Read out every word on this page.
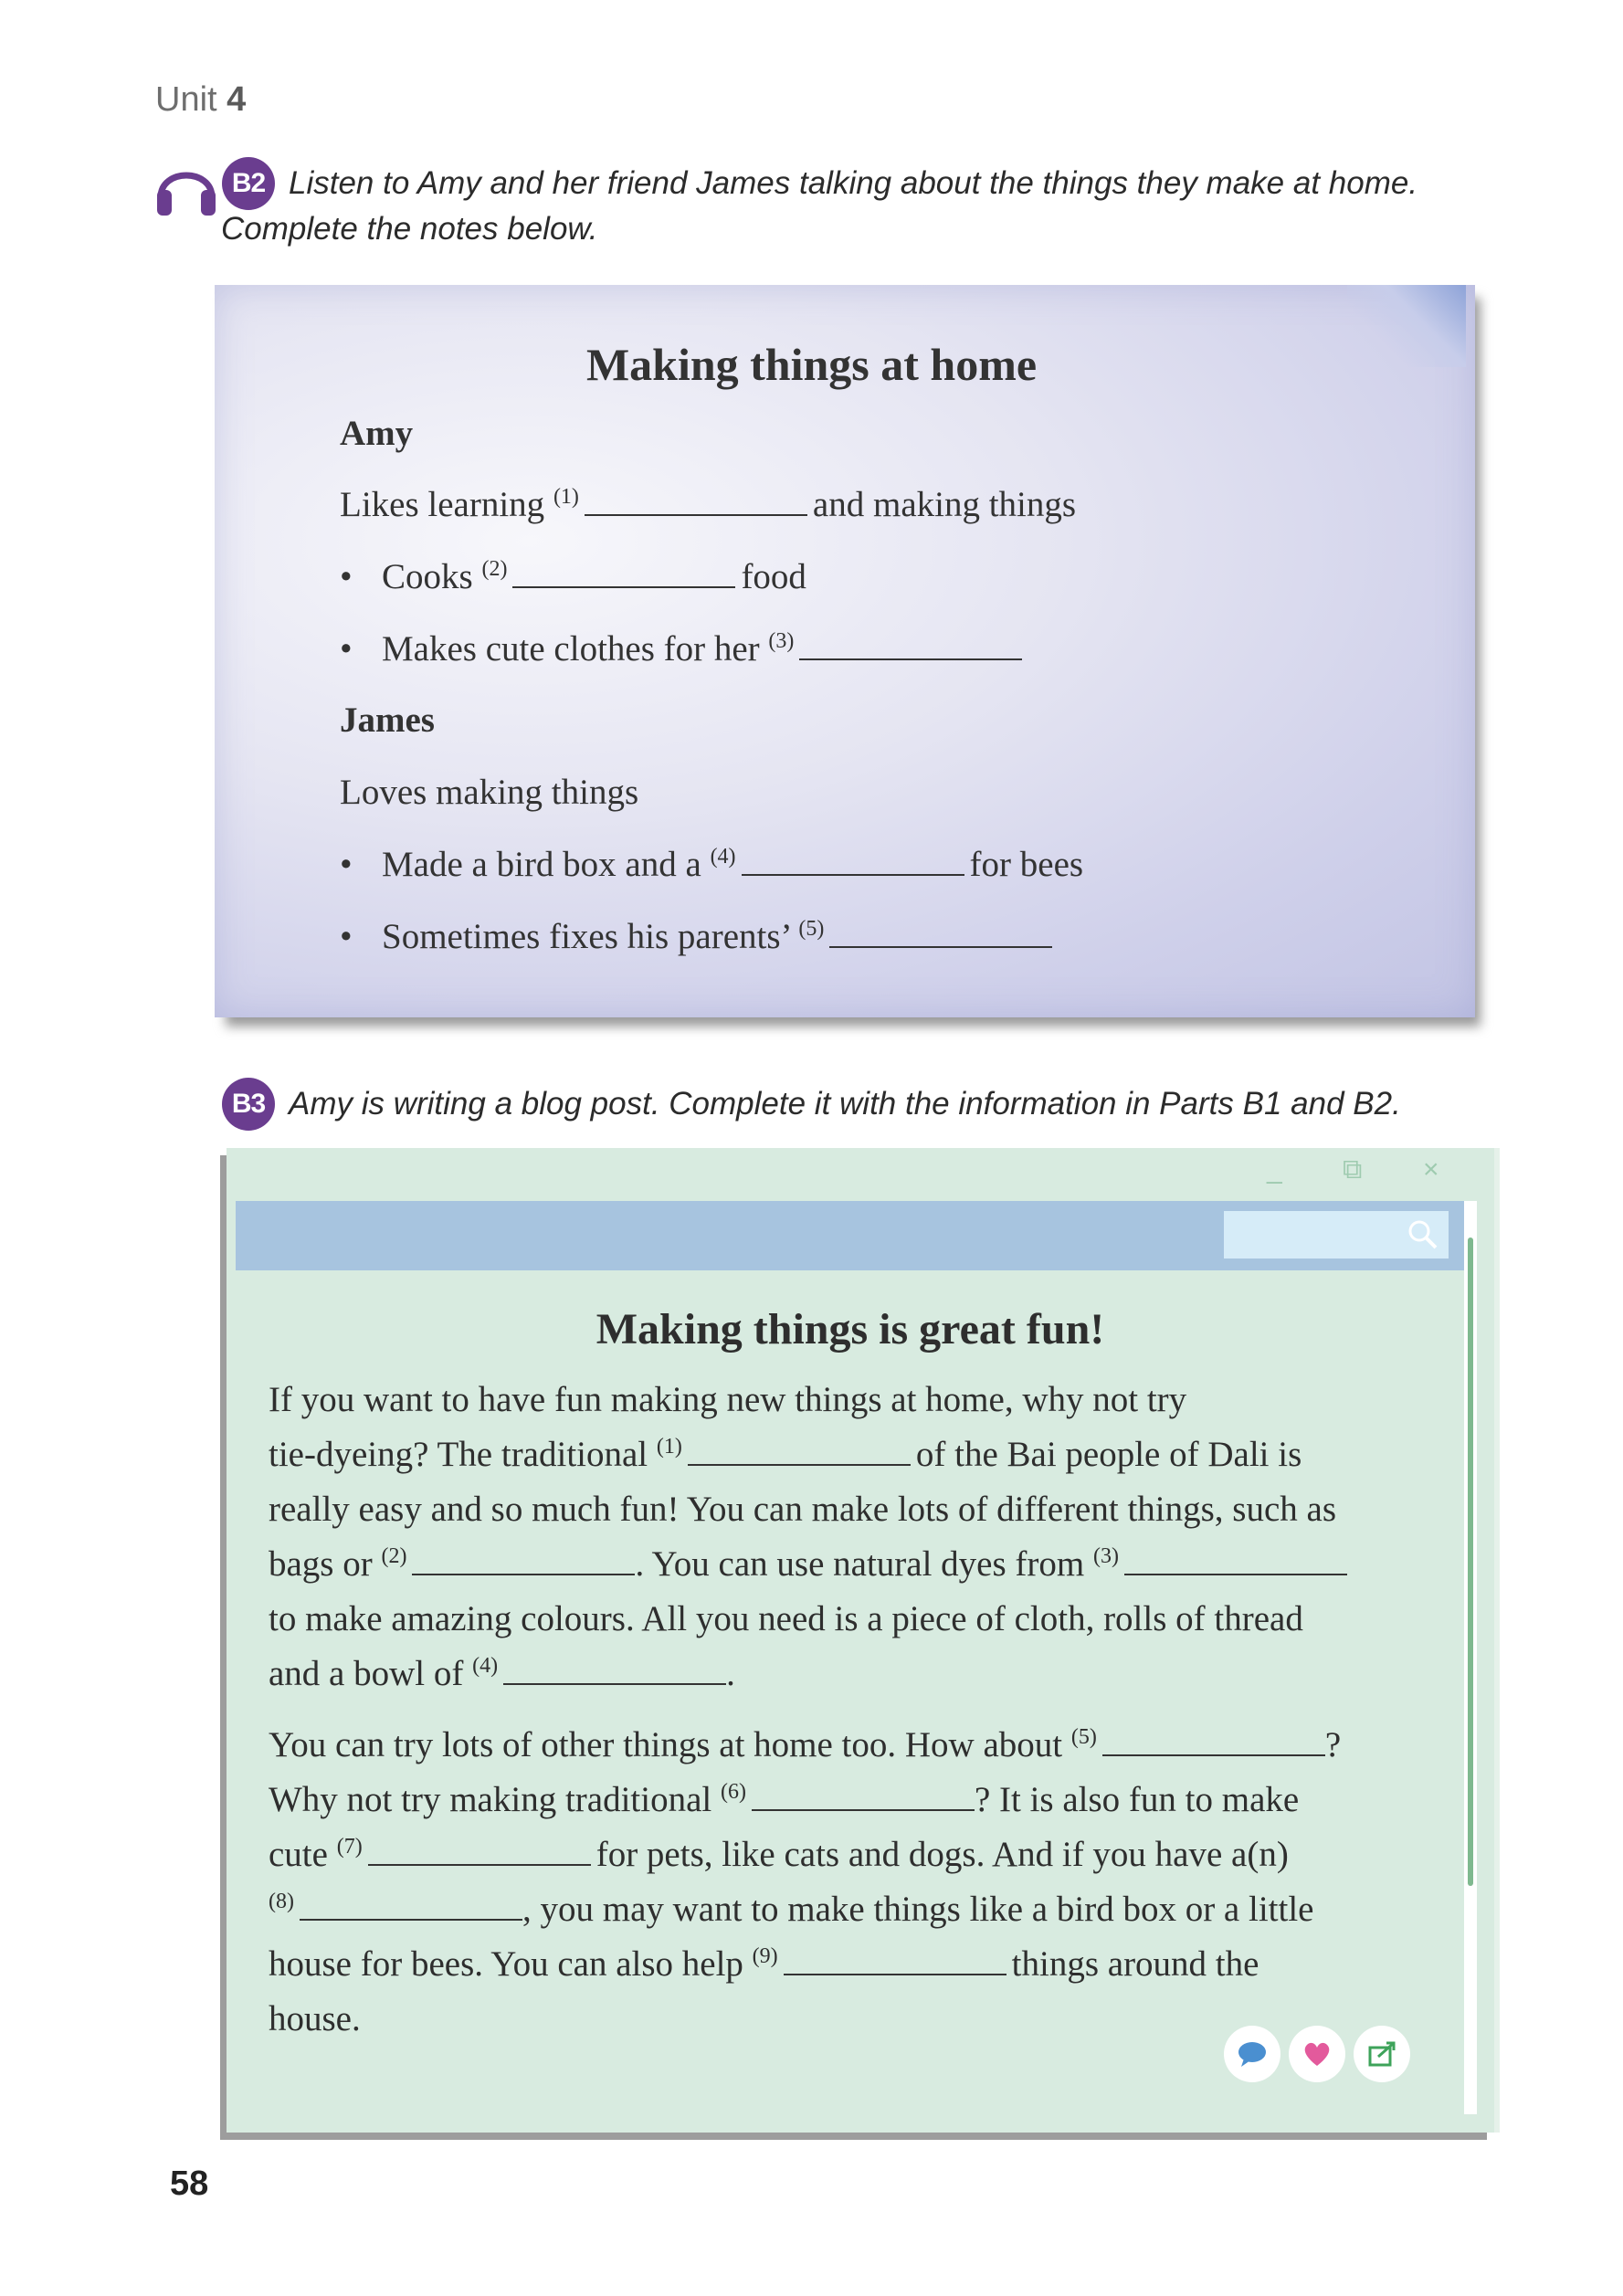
Unit 4
B2 Listen to Amy and her friend James talking about the things they make at home.
Complete the notes below.
Making things at home
Amy
Likes learning $^{(1)}$	and making things
• Cooks $^{(2)}$	food
• Makes cute clothes for her $^{(3)}$
James
Loves making things
• Made a bird box and a $^{(4)}$	for bees
• Sometimes fixes his parents’ $^{(5)}$
B3 Amy is writing a blog post. Complete it with the information in Parts B1 and B2.
_ ⧉ ×
Making things is great fun!
If you want to have fun making new things at home, why not try
tie-dyeing? The traditional $^{(1)}$	of the Bai people of Dali is
really easy and so much fun! You can make lots of different things, such as
bags or $^{(2)}$	. You can use natural dyes from $^{(3)}$
to make amazing colours. All you need is a piece of cloth, rolls of thread
and a bowl of $^{(4)}$	.
You can try lots of other things at home too. How about $^{(5)}$	?
Why not try making traditional $^{(6)}$	? It is also fun to make
cute $^{(7)}$	for pets, like cats and dogs. And if you have a(n)
$^{(8)}$	, you may want to make things like a bird box or a little
house for bees. You can also help $^{(9)}$	things around the
house.
58
